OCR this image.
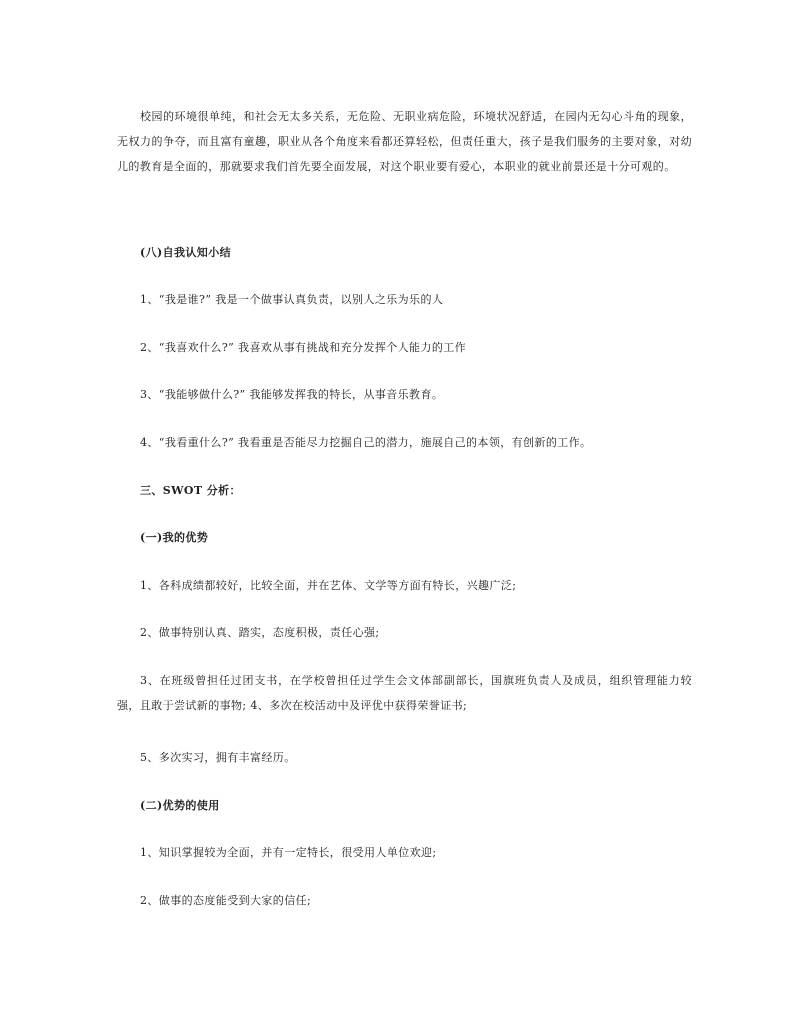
校园的环境很单纯，和社会无太多关系，无危险、无职业病危险，环境状况舒适，在园内无勾心斗角的现象，无权力的争夺，而且富有童趣，职业从各个角度来看都还算轻松，但责任重大，孩子是我们服务的主要对象，对幼儿的教育是全面的，那就要求我们首先要全面发展，对这个职业要有爱心，本职业的就业前景还是十分可观的。

(八)自我认知小结

1、“我是谁?” 我是一个做事认真负责，以别人之乐为乐的人

2、“我喜欢什么?” 我喜欢从事有挑战和充分发挥个人能力的工作

3、“我能够做什么?” 我能够发挥我的特长，从事音乐教育。

4、“我看重什么?” 我看重是否能尽力挖掘自己的潜力，施展自己的本领，有创新的工作。

三、SWOT 分析：

(一)我的优势

1、各科成绩都较好，比较全面，并在艺体、文学等方面有特长，兴趣广泛;

2、做事特别认真、踏实，态度积极，责任心强;

3、在班级曾担任过团支书，在学校曾担任过学生会文体部副部长，国旗班负责人及成员，组织管理能力较强，且敢于尝试新的事物; 4、多次在校活动中及评优中获得荣誉证书;

5、多次实习，拥有丰富经历。

(二)优势的使用

1、知识掌握较为全面，并有一定特长，很受用人单位欢迎;

2、做事的态度能受到大家的信任;
